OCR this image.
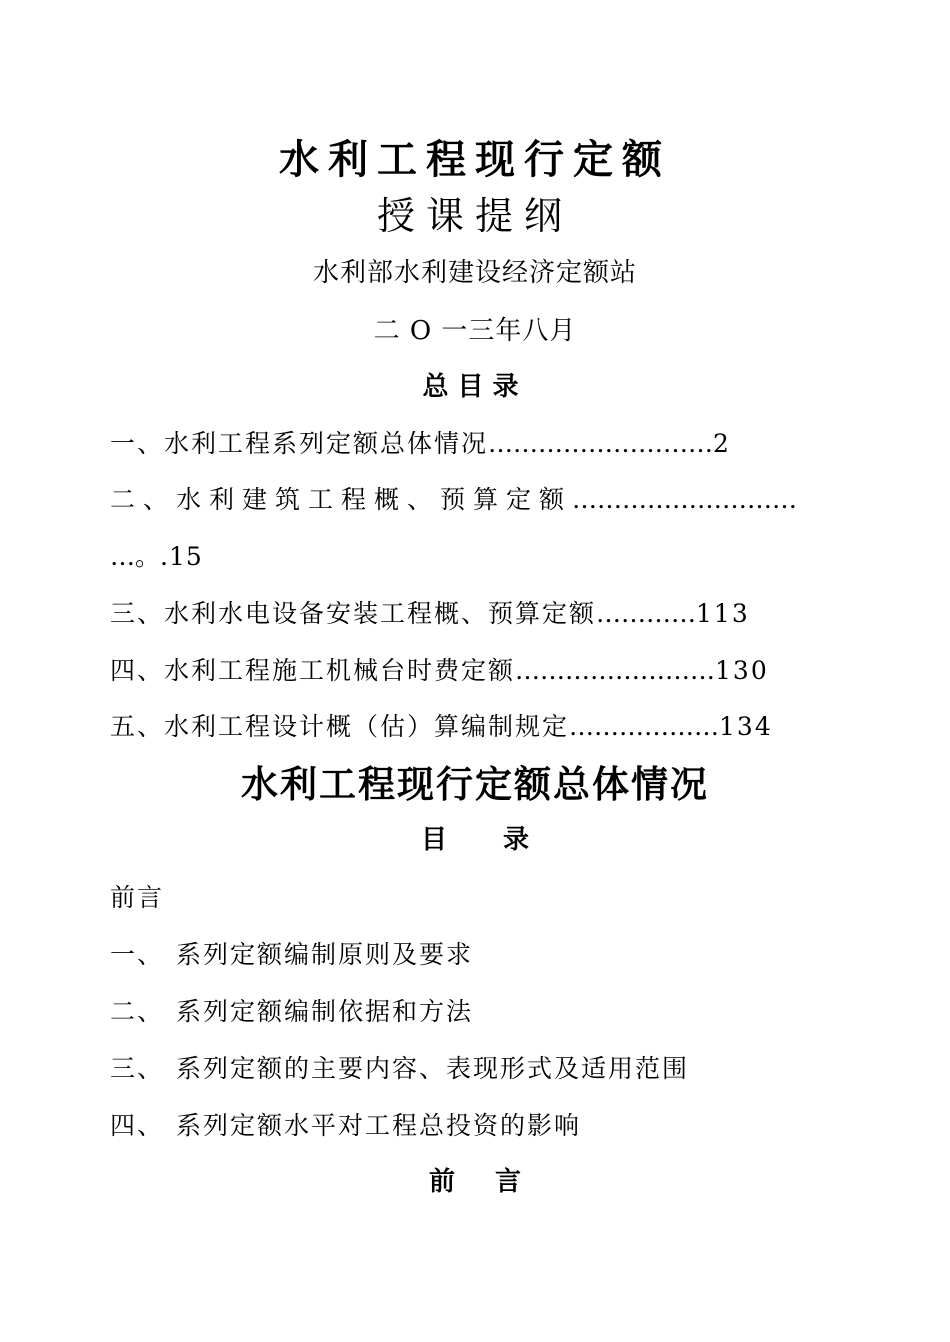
水利工程现行定额
授课提纲
水利部水利建设经济定额站
二 O 一三年八月
总目录
一、水利工程系列定额总体情况………………………2
二、水利建筑工程概、预算定额………………………
…。.15
三、水利水电设备安装工程概、预算定额…………113
四、水利工程施工机械台时费定额……………………130
五、水利工程设计概（估）算编制规定………………134
水利工程现行定额总体情况
目 录
前言
一、 系列定额编制原则及要求
二、 系列定额编制依据和方法
三、 系列定额的主要内容、表现形式及适用范围
四、 系列定额水平对工程总投资的影响
前 言
